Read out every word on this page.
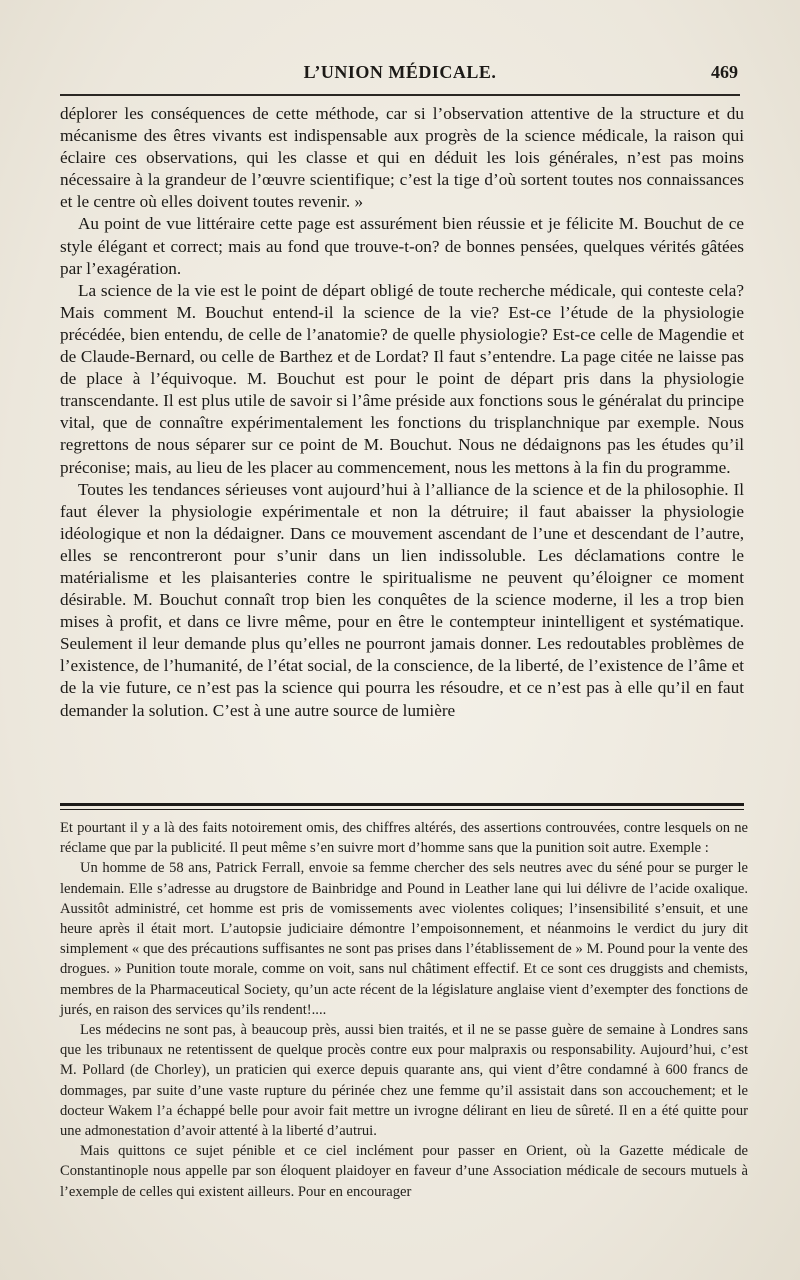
L’UNION MÉDICALE.	469

déplorer les conséquences de cette méthode, car si l’observation attentive de la structure et du mécanisme des êtres vivants est indispensable aux progrès de la science médicale, la raison qui éclaire ces observations, qui les classe et qui en déduit les lois générales, n’est pas moins nécessaire à la grandeur de l’œuvre scientifique; c’est la tige d’où sortent toutes nos connaissances et le centre où elles doivent toutes revenir. »

Au point de vue littéraire cette page est assurément bien réussie et je félicite M. Bouchut de ce style élégant et correct; mais au fond que trouve-t-on? de bonnes pensées, quelques vérités gâtées par l’exagération.

La science de la vie est le point de départ obligé de toute recherche médicale, qui conteste cela? Mais comment M. Bouchut entend-il la science de la vie? Est-ce l’étude de la physiologie précédée, bien entendu, de celle de l’anatomie? de quelle physiologie? Est-ce celle de Magendie et de Claude-Bernard, ou celle de Barthez et de Lordat? Il faut s’entendre. La page citée ne laisse pas de place à l’équivoque. M. Bouchut est pour le point de départ pris dans la physiologie transcendante. Il est plus utile de savoir si l’âme préside aux fonctions sous le généralat du principe vital, que de connaître expérimentalement les fonctions du trisplanchnique par exemple. Nous regrettons de nous séparer sur ce point de M. Bouchut. Nous ne dédaignons pas les études qu’il préconise; mais, au lieu de les placer au commencement, nous les mettons à la fin du programme.

Toutes les tendances sérieuses vont aujourd’hui à l’alliance de la science et de la philosophie. Il faut élever la physiologie expérimentale et non la détruire; il faut abaisser la physiologie idéologique et non la dédaigner. Dans ce mouvement ascendant de l’une et descendant de l’autre, elles se rencontreront pour s’unir dans un lien indissoluble. Les déclamations contre le matérialisme et les plaisanteries contre le spiritualisme ne peuvent qu’éloigner ce moment désirable. M. Bouchut connaît trop bien les conquêtes de la science moderne, il les a trop bien mises à profit, et dans ce livre même, pour en être le contempteur inintelligent et systématique. Seulement il leur demande plus qu’elles ne pourront jamais donner. Les redoutables problèmes de l’existence, de l’humanité, de l’état social, de la conscience, de la liberté, de l’existence de l’âme et de la vie future, ce n’est pas la science qui pourra les résoudre, et ce n’est pas à elle qu’il en faut demander la solution. C’est à une autre source de lumière

Et pourtant il y a là des faits notoirement omis, des chiffres altérés, des assertions controuvées, contre lesquels on ne réclame que par la publicité. Il peut même s’en suivre mort d’homme sans que la punition soit autre. Exemple :

Un homme de 58 ans, Patrick Ferrall, envoie sa femme chercher des sels neutres avec du séné pour se purger le lendemain. Elle s’adresse au drugstore de Bainbridge and Pound in Leather lane qui lui délivre de l’acide oxalique. Aussitôt administré, cet homme est pris de vomissements avec violentes coliques; l’insensibilité s’ensuit, et une heure après il était mort. L’autopsie judiciaire démontre l’empoisonnement, et néanmoins le verdict du jury dit simplement « que des précautions suffisantes ne sont pas prises dans l’établissement de » M. Pound pour la vente des drogues. » Punition toute morale, comme on voit, sans nul châtiment effectif. Et ce sont ces druggists and chemists, membres de la Pharmaceutical Society, qu’un acte récent de la législature anglaise vient d’exempter des fonctions de jurés, en raison des services qu’ils rendent!....

Les médecins ne sont pas, à beaucoup près, aussi bien traités, et il ne se passe guère de semaine à Londres sans que les tribunaux ne retentissent de quelque procès contre eux pour malpraxis ou responsability. Aujourd’hui, c’est M. Pollard (de Chorley), un praticien qui exerce depuis quarante ans, qui vient d’être condamné à 600 francs de dommages, par suite d’une vaste rupture du périnée chez une femme qu’il assistait dans son accouchement; et le docteur Wakem l’a échappé belle pour avoir fait mettre un ivrogne délirant en lieu de sûreté. Il en a été quitte pour une admonestation d’avoir attenté à la liberté d’autrui.

Mais quittons ce sujet pénible et ce ciel inclément pour passer en Orient, où la Gazette médicale de Constantinople nous appelle par son éloquent plaidoyer en faveur d’une Association médicale de secours mutuels à l’exemple de celles qui existent ailleurs. Pour en encourager
